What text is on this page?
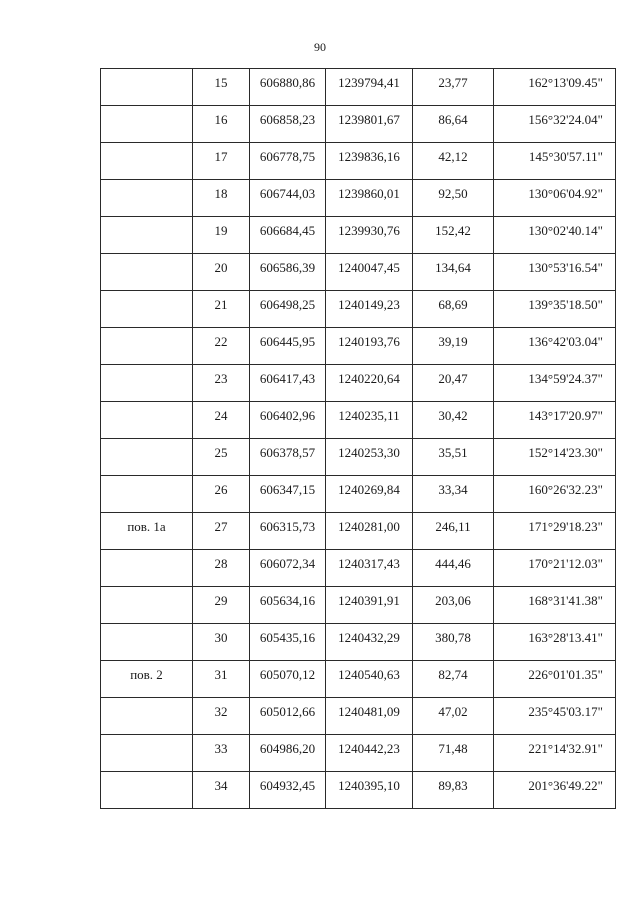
90

	15	606880,86	1239794,41	23,77	162°13'09.45"

	16	606858,23	1239801,67	86,64	156°32'24.04"

	17	606778,75	1239836,16	42,12	145°30'57.11"

	18	606744,03	1239860,01	92,50	130°06'04.92"

	19	606684,45	1239930,76	152,42	130°02'40.14"

	20	606586,39	1240047,45	134,64	130°53'16.54"

	21	606498,25	1240149,23	68,69	139°35'18.50"

	22	606445,95	1240193,76	39,19	136°42'03.04"

	23	606417,43	1240220,64	20,47	134°59'24.37"

	24	606402,96	1240235,11	30,42	143°17'20.97"

	25	606378,57	1240253,30	35,51	152°14'23.30"

	26	606347,15	1240269,84	33,34	160°26'32.23"

пов. 1а	27	606315,73	1240281,00	246,11	171°29'18.23"

	28	606072,34	1240317,43	444,46	170°21'12.03"

	29	605634,16	1240391,91	203,06	168°31'41.38"

	30	605435,16	1240432,29	380,78	163°28'13.41"

пов. 2	31	605070,12	1240540,63	82,74	226°01'01.35"

	32	605012,66	1240481,09	47,02	235°45'03.17"

	33	604986,20	1240442,23	71,48	221°14'32.91"

	34	604932,45	1240395,10	89,83	201°36'49.22"
